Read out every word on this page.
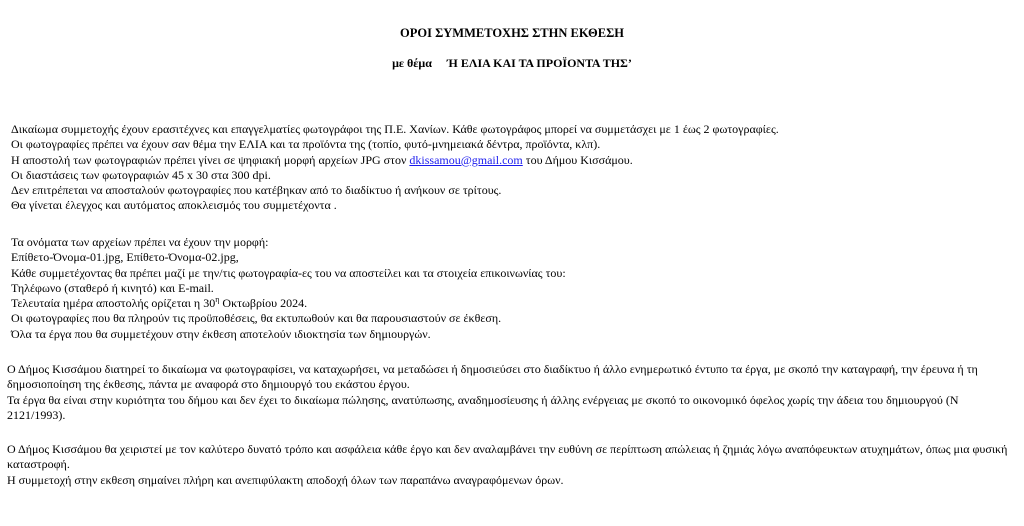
ΟΡΟΙ ΣΥΜΜΕΤΟΧΗΣ ΣΤΗΝ ΕΚΘΕΣΗ
με θέμα Ή ΕΛΙΑ ΚΑΙ ΤΑ ΠΡΟΪΟΝΤΑ ΤΗΣ’
Δικαίωμα συμμετοχής έχουν ερασιτέχνες και επαγγελματίες φωτογράφοι της Π.Ε. Χανίων. Κάθε φωτογράφος μπορεί να συμμετάσχει με 1 έως 2 φωτογραφίες.
Οι φωτογραφίες πρέπει να έχουν σαν θέμα την ΕΛΙΑ και τα προϊόντα της (τοπίο, φυτό-μνημειακά δέντρα, προϊόντα, κλπ).
Η αποστολή των φωτογραφιών πρέπει γίνει σε ψηφιακή μορφή αρχείων JPG στον dkissamou@gmail.com του Δήμου Κισσάμου.
Οι διαστάσεις των φωτογραφιών 45 x 30 στα 300 dpi.
Δεν επιτρέπεται να αποσταλούν φωτογραφίες που κατέβηκαν από το διαδίκτυο ή ανήκουν σε τρίτους.
Θα γίνεται έλεγχος και αυτόματος αποκλεισμός του συμμετέχοντα .
Τα ονόματα των αρχείων πρέπει να έχουν την μορφή:
Επίθετο-Όνομα-01.jpg, Επίθετο-Όνομα-02.jpg,
Κάθε συμμετέχοντας θα πρέπει μαζί με την/τις φωτογραφία-ες του να αποστείλει και τα στοιχεία επικοινωνίας του:
Τηλέφωνο (σταθερό ή κινητό) και E-mail.
Τελευταία ημέρα αποστολής ορίζεται η $30^\eta$ Οκτωβρίου 2024.
Οι φωτογραφίες που θα πληρούν τις προϋποθέσεις, θα εκτυπωθούν και θα παρουσιαστούν σε έκθεση.
Όλα τα έργα που θα συμμετέχουν στην έκθεση αποτελούν ιδιοκτησία των δημιουργών.
Ο Δήμος Κισσάμου διατηρεί το δικαίωμα να φωτογραφίσει, να καταχωρήσει, να μεταδώσει ή δημοσιεύσει στο διαδίκτυο ή άλλο ενημερωτικό έντυπο τα έργα, με σκοπό την καταγραφή, την έρευνα ή τη δημοσιοποίηση της έκθεσης, πάντα με αναφορά στο δημιουργό του εκάστου έργου.
Τα έργα θα είναι στην κυριότητα του δήμου και δεν έχει το δικαίωμα πώλησης, ανατύπωσης, αναδημοσίευσης ή άλλης ενέργειας με σκοπό το οικονομικό όφελος χωρίς την άδεια του δημιουργού (Ν 2121/1993).
Ο Δήμος Κισσάμου θα χειριστεί με τον καλύτερο δυνατό τρόπο και ασφάλεια κάθε έργο και δεν αναλαμβάνει την ευθύνη σε περίπτωση απώλειας ή ζημιάς λόγω αναπόφευκτων ατυχημάτων, όπως μια φυσική καταστροφή.
Η συμμετοχή στην εκθεση σημαίνει πλήρη και ανεπιφύλακτη αποδοχή όλων των παραπάνω αναγραφόμενων όρων.
